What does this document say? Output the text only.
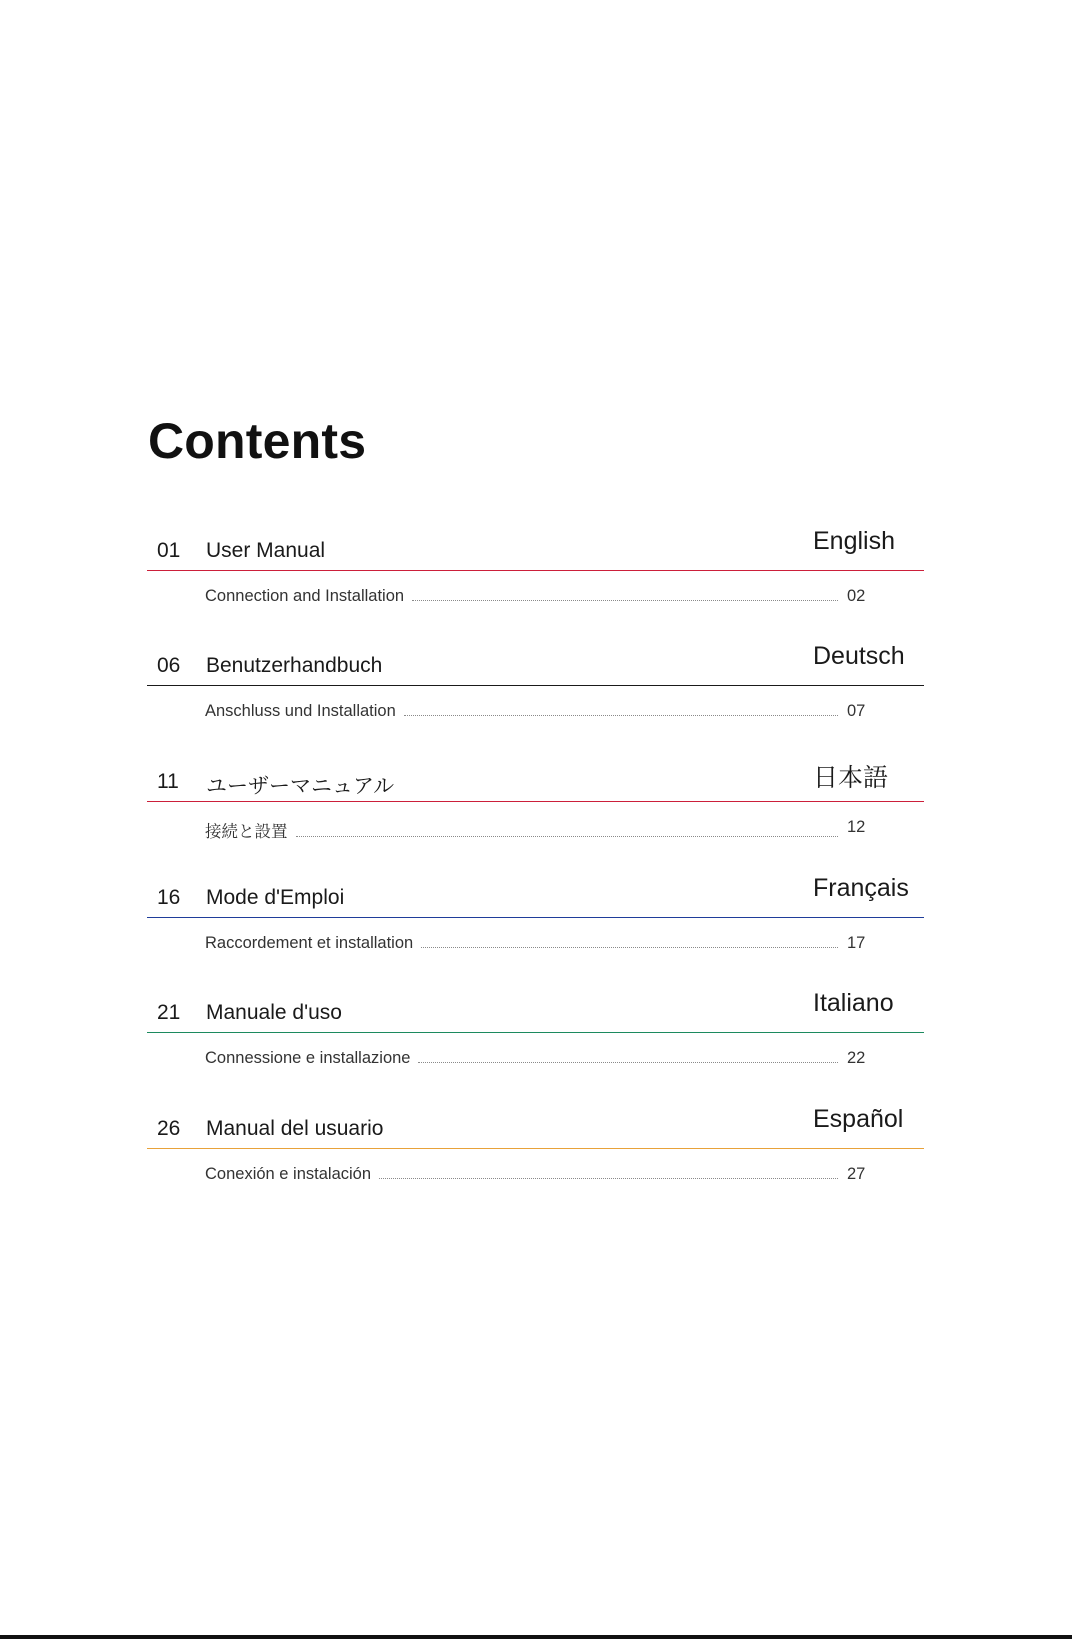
Contents
01 User Manual	English
Connection and Installation	02
06 Benutzerhandbuch	Deutsch
Anschluss und Installation	07
11 ユーザーマニュアル	日本語
接続と設置	12
16 Mode d'Emploi	Français
Raccordement et installation	17
21 Manuale d'uso	Italiano
Connessione e installazione	22
26 Manual del usuario	Español
Conexión e instalación	27
